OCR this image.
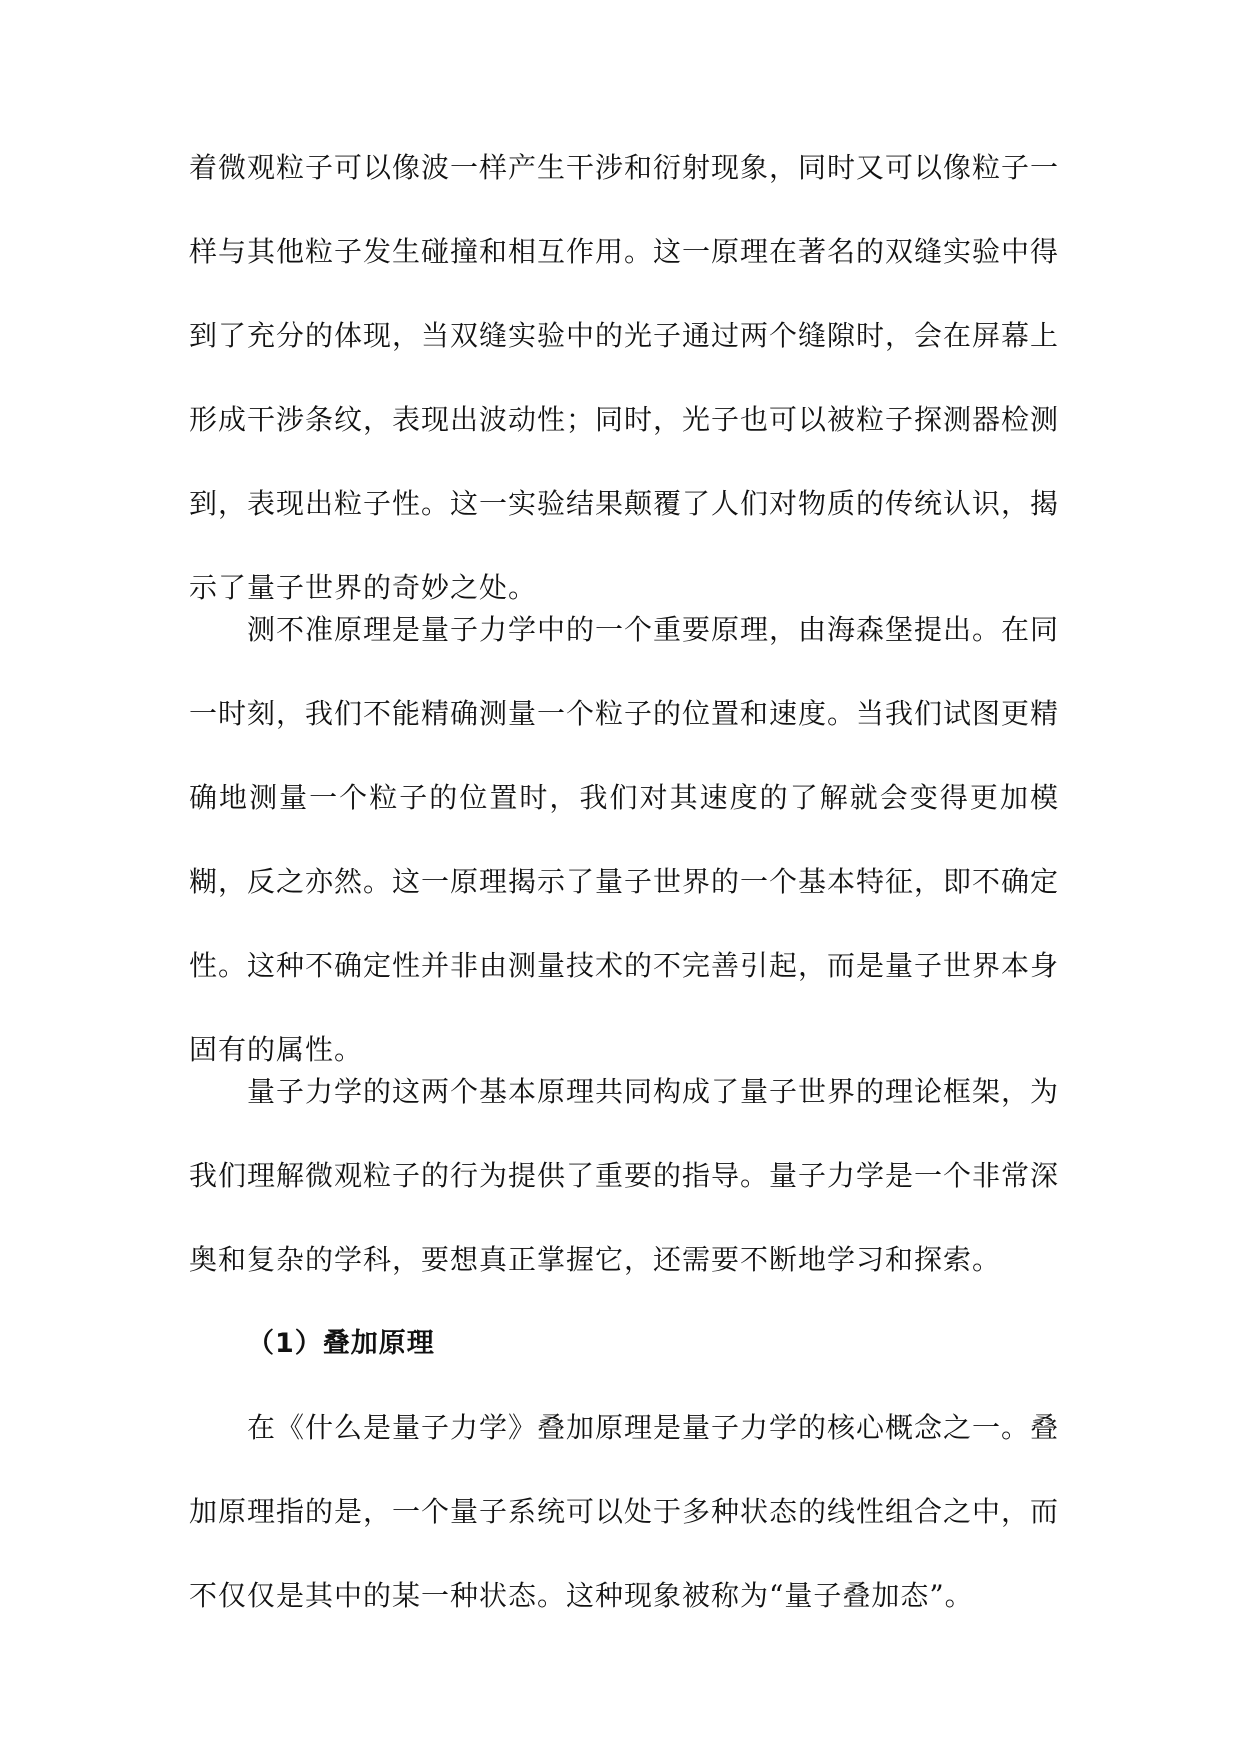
着微观粒子可以像波一样产生干涉和衍射现象，同时又可以像粒子一样与其他粒子发生碰撞和相互作用。这一原理在著名的双缝实验中得到了充分的体现，当双缝实验中的光子通过两个缝隙时，会在屏幕上形成干涉条纹，表现出波动性；同时，光子也可以被粒子探测器检测到，表现出粒子性。这一实验结果颠覆了人们对物质的传统认识，揭示了量子世界的奇妙之处。

测不准原理是量子力学中的一个重要原理，由海森堡提出。在同一时刻，我们不能精确测量一个粒子的位置和速度。当我们试图更精确地测量一个粒子的位置时，我们对其速度的了解就会变得更加模糊，反之亦然。这一原理揭示了量子世界的一个基本特征，即不确定性。这种不确定性并非由测量技术的不完善引起，而是量子世界本身固有的属性。

量子力学的这两个基本原理共同构成了量子世界的理论框架，为我们理解微观粒子的行为提供了重要的指导。量子力学是一个非常深奥和复杂的学科，要想真正掌握它，还需要不断地学习和探索。

（1）叠加原理

在《什么是量子力学》叠加原理是量子力学的核心概念之一。叠加原理指的是，一个量子系统可以处于多种状态的线性组合之中，而不仅仅是其中的某一种状态。这种现象被称为“量子叠加态”。
